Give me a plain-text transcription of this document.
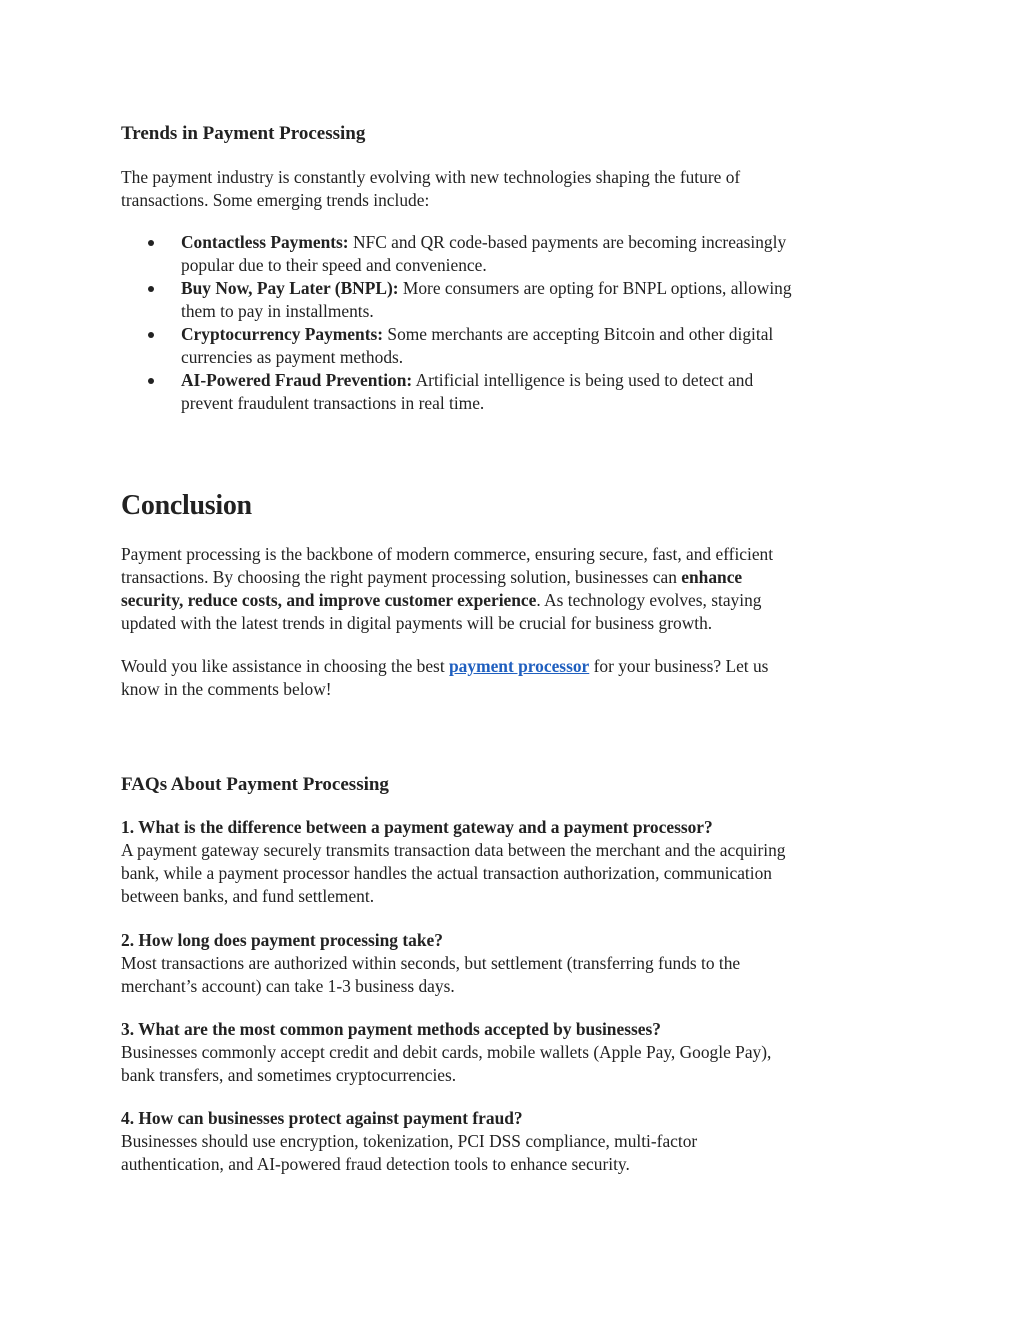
Trends in Payment Processing

The payment industry is constantly evolving with new technologies shaping the future of
transactions. Some emerging trends include:

Contactless Payments: NFC and QR code-based payments are becoming increasingly
popular due to their speed and convenience.
Buy Now, Pay Later (BNPL): More consumers are opting for BNPL options, allowing
them to pay in installments.
Cryptocurrency Payments: Some merchants are accepting Bitcoin and other digital
currencies as payment methods.
AI-Powered Fraud Prevention: Artificial intelligence is being used to detect and
prevent fraudulent transactions in real time.
Conclusion

Payment processing is the backbone of modern commerce, ensuring secure, fast, and efficient
transactions. By choosing the right payment processing solution, businesses can enhance
security, reduce costs, and improve customer experience. As technology evolves, staying
updated with the latest trends in digital payments will be crucial for business growth.

Would you like assistance in choosing the best payment processor for your business? Let us
know in the comments below!

FAQs About Payment Processing

1. What is the difference between a payment gateway and a payment processor?
A payment gateway securely transmits transaction data between the merchant and the acquiring
bank, while a payment processor handles the actual transaction authorization, communication
between banks, and fund settlement.

2. How long does payment processing take?
Most transactions are authorized within seconds, but settlement (transferring funds to the
merchant’s account) can take 1-3 business days.

3. What are the most common payment methods accepted by businesses?
Businesses commonly accept credit and debit cards, mobile wallets (Apple Pay, Google Pay),
bank transfers, and sometimes cryptocurrencies.

4. How can businesses protect against payment fraud?
Businesses should use encryption, tokenization, PCI DSS compliance, multi-factor
authentication, and AI-powered fraud detection tools to enhance security.
